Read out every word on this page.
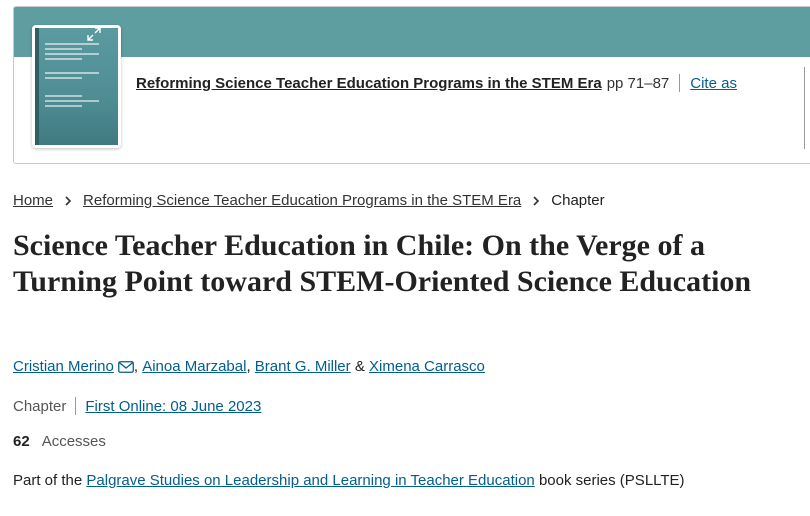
Reforming Science Teacher Education Programs in the STEM Era pp 71–87 Cite as
Home Reforming Science Teacher Education Programs in the STEM Era Chapter
Science Teacher Education in Chile: On the Verge of a Turning Point toward STEM-Oriented Science Education
Cristian Merino ,
Ainoa Marzabal ,
Brant G. Miller
&
Ximena Carrasco
Chapter First Online: 08 June 2023
62 Accesses
Part of the Palgrave Studies on Leadership and Learning in Teacher Education book series (PSLLTE)
